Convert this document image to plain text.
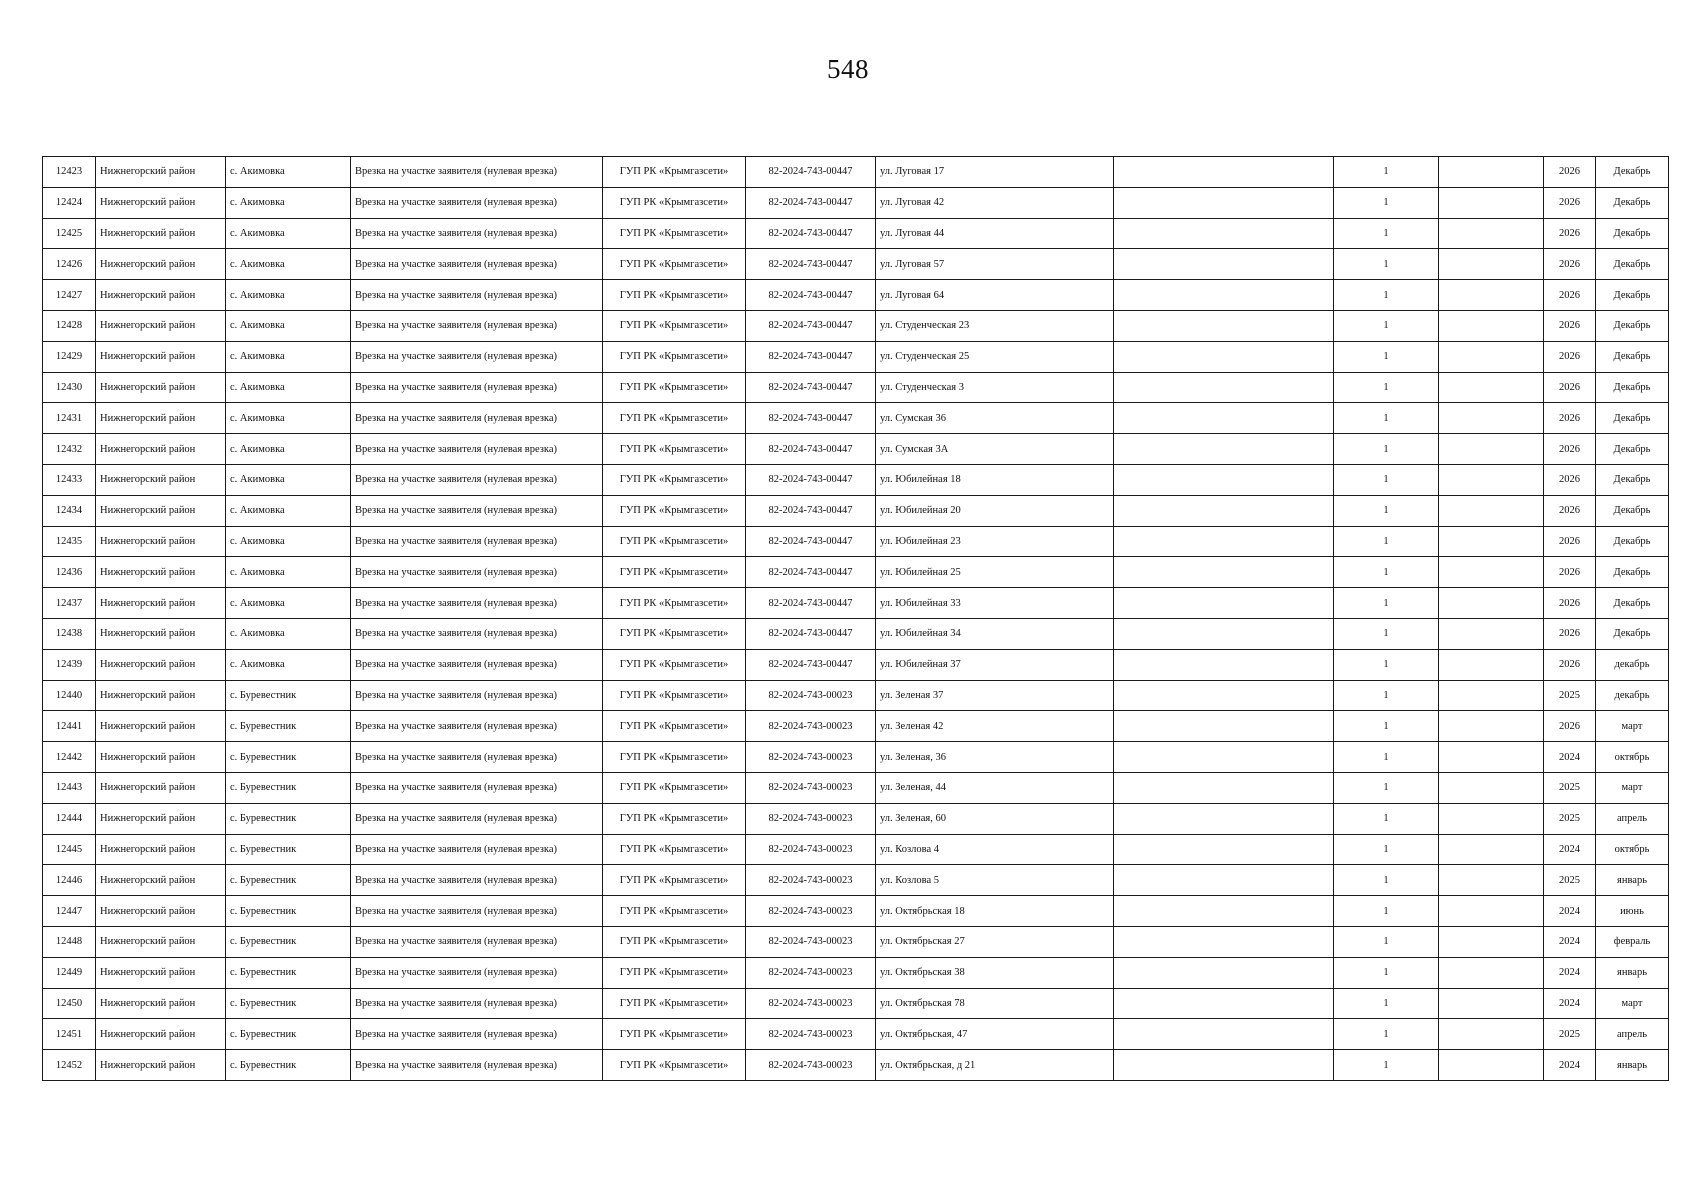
548
12423	Нижнегорский район	с. Акимовка	Врезка на участке заявителя (нулевая врезка)	ГУП РК «Крымгазсети»	82-2024-743-00447	ул. Луговая 17		1		2026	Декабрь
12424	Нижнегорский район	с. Акимовка	Врезка на участке заявителя (нулевая врезка)	ГУП РК «Крымгазсети»	82-2024-743-00447	ул. Луговая 42		1		2026	Декабрь
12425	Нижнегорский район	с. Акимовка	Врезка на участке заявителя (нулевая врезка)	ГУП РК «Крымгазсети»	82-2024-743-00447	ул. Луговая 44		1		2026	Декабрь
12426	Нижнегорский район	с. Акимовка	Врезка на участке заявителя (нулевая врезка)	ГУП РК «Крымгазсети»	82-2024-743-00447	ул. Луговая 57		1		2026	Декабрь
12427	Нижнегорский район	с. Акимовка	Врезка на участке заявителя (нулевая врезка)	ГУП РК «Крымгазсети»	82-2024-743-00447	ул. Луговая 64		1		2026	Декабрь
12428	Нижнегорский район	с. Акимовка	Врезка на участке заявителя (нулевая врезка)	ГУП РК «Крымгазсети»	82-2024-743-00447	ул. Студенческая 23		1		2026	Декабрь
12429	Нижнегорский район	с. Акимовка	Врезка на участке заявителя (нулевая врезка)	ГУП РК «Крымгазсети»	82-2024-743-00447	ул. Студенческая 25		1		2026	Декабрь
12430	Нижнегорский район	с. Акимовка	Врезка на участке заявителя (нулевая врезка)	ГУП РК «Крымгазсети»	82-2024-743-00447	ул. Студенческая 3		1		2026	Декабрь
12431	Нижнегорский район	с. Акимовка	Врезка на участке заявителя (нулевая врезка)	ГУП РК «Крымгазсети»	82-2024-743-00447	ул. Сумская 36		1		2026	Декабрь
12432	Нижнегорский район	с. Акимовка	Врезка на участке заявителя (нулевая врезка)	ГУП РК «Крымгазсети»	82-2024-743-00447	ул. Сумская 3А		1		2026	Декабрь
12433	Нижнегорский район	с. Акимовка	Врезка на участке заявителя (нулевая врезка)	ГУП РК «Крымгазсети»	82-2024-743-00447	ул. Юбилейная 18		1		2026	Декабрь
12434	Нижнегорский район	с. Акимовка	Врезка на участке заявителя (нулевая врезка)	ГУП РК «Крымгазсети»	82-2024-743-00447	ул. Юбилейная 20		1		2026	Декабрь
12435	Нижнегорский район	с. Акимовка	Врезка на участке заявителя (нулевая врезка)	ГУП РК «Крымгазсети»	82-2024-743-00447	ул. Юбилейная 23		1		2026	Декабрь
12436	Нижнегорский район	с. Акимовка	Врезка на участке заявителя (нулевая врезка)	ГУП РК «Крымгазсети»	82-2024-743-00447	ул. Юбилейная 25		1		2026	Декабрь
12437	Нижнегорский район	с. Акимовка	Врезка на участке заявителя (нулевая врезка)	ГУП РК «Крымгазсети»	82-2024-743-00447	ул. Юбилейная 33		1		2026	Декабрь
12438	Нижнегорский район	с. Акимовка	Врезка на участке заявителя (нулевая врезка)	ГУП РК «Крымгазсети»	82-2024-743-00447	ул. Юбилейная 34		1		2026	Декабрь
12439	Нижнегорский район	с. Акимовка	Врезка на участке заявителя (нулевая врезка)	ГУП РК «Крымгазсети»	82-2024-743-00447	ул. Юбилейная 37		1		2026	декабрь
12440	Нижнегорский район	с. Буревестник	Врезка на участке заявителя (нулевая врезка)	ГУП РК «Крымгазсети»	82-2024-743-00023	ул. Зеленая 37		1		2025	декабрь
12441	Нижнегорский район	с. Буревестник	Врезка на участке заявителя (нулевая врезка)	ГУП РК «Крымгазсети»	82-2024-743-00023	ул. Зеленая 42		1		2026	март
12442	Нижнегорский район	с. Буревестник	Врезка на участке заявителя (нулевая врезка)	ГУП РК «Крымгазсети»	82-2024-743-00023	ул. Зеленая, 36		1		2024	октябрь
12443	Нижнегорский район	с. Буревестник	Врезка на участке заявителя (нулевая врезка)	ГУП РК «Крымгазсети»	82-2024-743-00023	ул. Зеленая, 44		1		2025	март
12444	Нижнегорский район	с. Буревестник	Врезка на участке заявителя (нулевая врезка)	ГУП РК «Крымгазсети»	82-2024-743-00023	ул. Зеленая, 60		1		2025	апрель
12445	Нижнегорский район	с. Буревестник	Врезка на участке заявителя (нулевая врезка)	ГУП РК «Крымгазсети»	82-2024-743-00023	ул. Козлова 4		1		2024	октябрь
12446	Нижнегорский район	с. Буревестник	Врезка на участке заявителя (нулевая врезка)	ГУП РК «Крымгазсети»	82-2024-743-00023	ул. Козлова 5		1		2025	январь
12447	Нижнегорский район	с. Буревестник	Врезка на участке заявителя (нулевая врезка)	ГУП РК «Крымгазсети»	82-2024-743-00023	ул. Октябрьская 18		1		2024	июнь
12448	Нижнегорский район	с. Буревестник	Врезка на участке заявителя (нулевая врезка)	ГУП РК «Крымгазсети»	82-2024-743-00023	ул. Октябрьская 27		1		2024	февраль
12449	Нижнегорский район	с. Буревестник	Врезка на участке заявителя (нулевая врезка)	ГУП РК «Крымгазсети»	82-2024-743-00023	ул. Октябрьская 38		1		2024	январь
12450	Нижнегорский район	с. Буревестник	Врезка на участке заявителя (нулевая врезка)	ГУП РК «Крымгазсети»	82-2024-743-00023	ул. Октябрьская 78		1		2024	март
12451	Нижнегорский район	с. Буревестник	Врезка на участке заявителя (нулевая врезка)	ГУП РК «Крымгазсети»	82-2024-743-00023	ул. Октябрьская, 47		1		2025	апрель
12452	Нижнегорский район	с. Буревестник	Врезка на участке заявителя (нулевая врезка)	ГУП РК «Крымгазсети»	82-2024-743-00023	ул. Октябрьская, д 21		1		2024	январь
